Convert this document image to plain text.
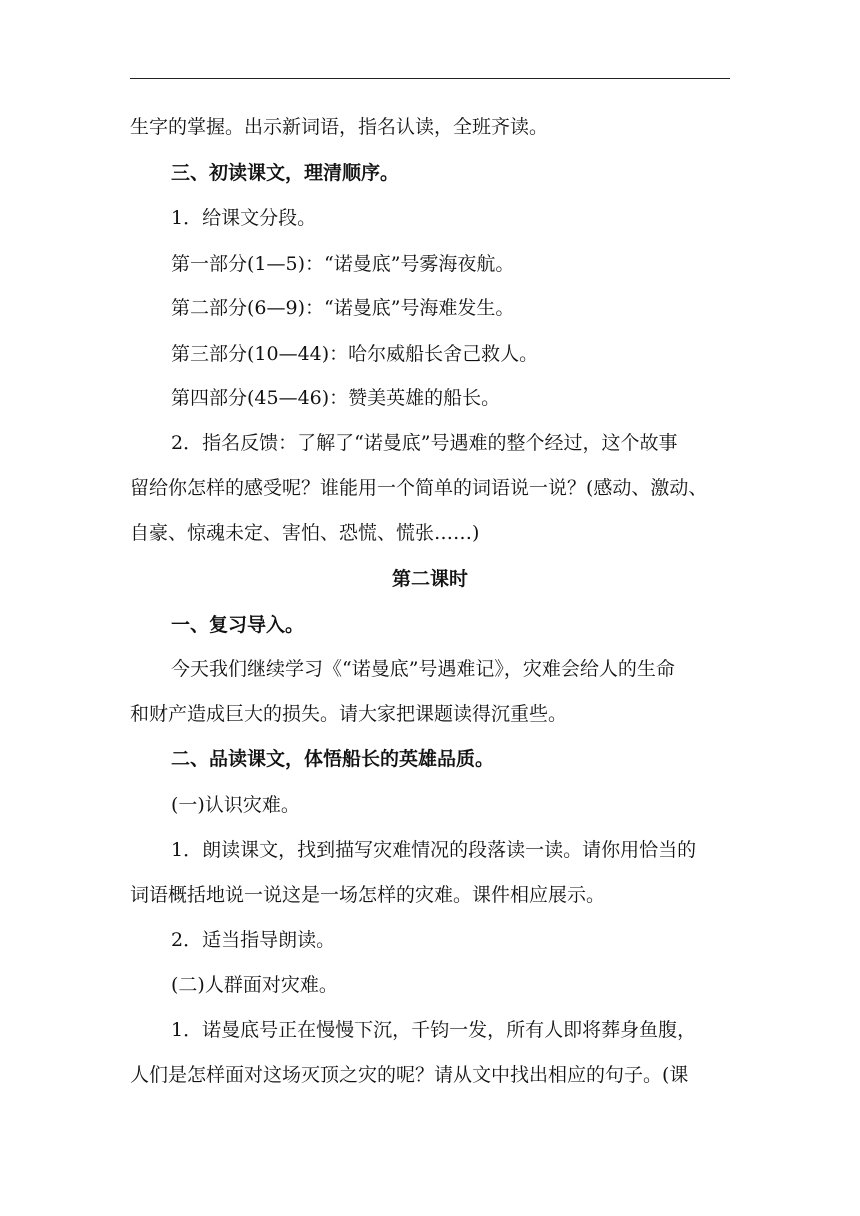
生字的掌握。出示新词语，指名认读，全班齐读。
三、初读课文，理清顺序。
1．给课文分段。
第一部分(1—5)：“诺曼底”号雾海夜航。
第二部分(6—9)：“诺曼底”号海难发生。
第三部分(10—44)：哈尔威船长舍己救人。
第四部分(45—46)：赞美英雄的船长。
2．指名反馈：了解了“诺曼底”号遇难的整个经过，这个故事
留给你怎样的感受呢？谁能用一个简单的词语说一说？(感动、激动、
自豪、惊魂未定、害怕、恐慌、慌张……)
第二课时
一、复习导入。
今天我们继续学习《“诺曼底”号遇难记》，灾难会给人的生命
和财产造成巨大的损失。请大家把课题读得沉重些。
二、品读课文，体悟船长的英雄品质。
(一)认识灾难。
1．朗读课文，找到描写灾难情况的段落读一读。请你用恰当的
词语概括地说一说这是一场怎样的灾难。课件相应展示。
2．适当指导朗读。
(二)人群面对灾难。
1．诺曼底号正在慢慢下沉，千钧一发，所有人即将葬身鱼腹，
人们是怎样面对这场灭顶之灾的呢？请从文中找出相应的句子。(课
